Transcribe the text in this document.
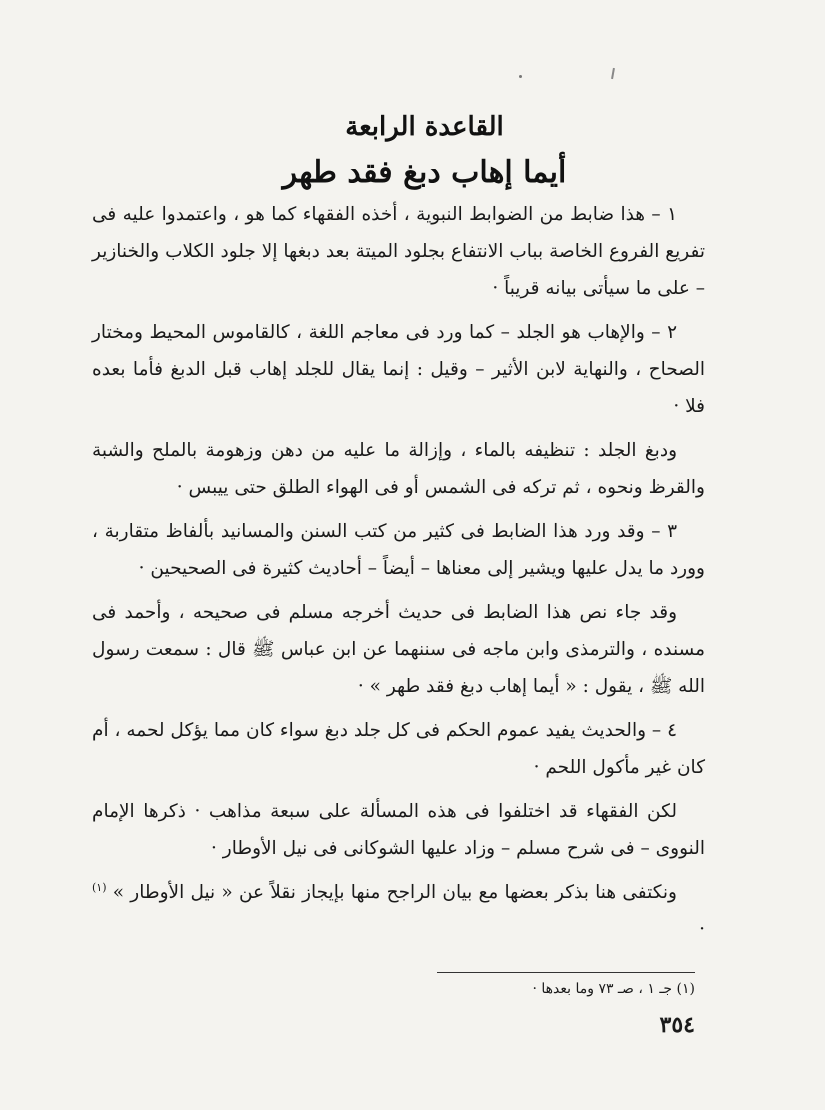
القاعدة الرابعة
أيما إهاب دبغ فقد طهر

١ – هذا ضابط من الضوابط النبوية ، أخذه الفقهاء كما هو ، واعتمدوا عليه فى تفريع الفروع الخاصة بباب الانتفاع بجلود الميتة بعد دبغها إلا جلود الكلاب والخنازير – على ما سيأتى بيانه قريباً ·

٢ – والإهاب هو الجلد – كما ورد فى معاجم اللغة ، كالقاموس المحيط ومختار الصحاح ، والنهاية لابن الأثير – وقيل : إنما يقال للجلد إهاب قبل الدبغ فأما بعده فلا ·

ودبغ الجلد : تنظيفه بالماء ، وإزالة ما عليه من دهن وزهومة بالملح والشبة والقرظ ونحوه ، ثم تركه فى الشمس أو فى الهواء الطلق حتى ييبس ·

٣ – وقد ورد هذا الضابط فى كثير من كتب السنن والمسانيد بألفاظ متقاربة ، وورد ما يدل عليها ويشير إلى معناها – أيضاً – أحاديث كثيرة فى الصحيحين ·

وقد جاء نص هذا الضابط فى حديث أخرجه مسلم فى صحيحه ، وأحمد فى مسنده ، والترمذى وابن ماجه فى سننهما عن ابن عباس ﷺ قال : سمعت رسول الله ﷺ ، يقول : « أيما إهاب دبغ فقد طهر » ·

٤ – والحديث يفيد عموم الحكم فى كل جلد دبغ سواء كان مما يؤكل لحمه ، أم كان غير مأكول اللحم ·

لكن الفقهاء قد اختلفوا فى هذه المسألة على سبعة مذاهب · ذكرها الإمام النووى – فى شرح مسلم – وزاد عليها الشوكانى فى نيل الأوطار ·

ونكتفى هنا بذكر بعضها مع بيان الراجح منها بإيجاز نقلاً عن « نيل الأوطار » $^{(١)}$ ·

(١) جـ ١ ، صـ ٧٣ وما بعدها ·
٣٥٤
